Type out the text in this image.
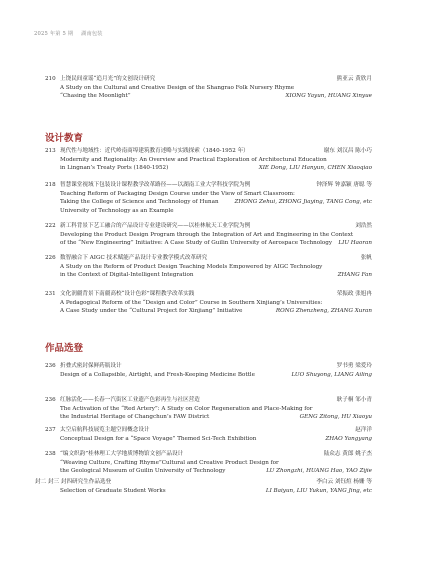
2025 年第 5 期 湖南包装
210 上饶民间童谣“追月光”的文创设计研究	熊亚云 黄欣月
A Study on the Cultural and Creative Design of the Shangrao Folk Nursery Rhyme
“Chasing the Moonlight”	XIONG Yayun, HUANG Xinyue
设计教育
213 现代性与地域性：近代岭南商埠建筑教育述略与实践探索（1840-1952 年）	谢东 刘汉昌 陈小巧
Modernity and Regionality: An Overview and Practical Exploration of Architectural Education
in Lingnan’s Treaty Ports (1840-1952)	XIE Dong, LIU Hanyun, CHEN Xiaoqiao
218 智慧课堂视域下包装设计课程教学改革路径——以湖南工业大学科技学院为例	钟泽辉 钟嘉颖 唐聪 等
Teaching Reform of Packaging Design Course under the View of Smart Classroom:
Taking the College of Science and Technology of Hunan University of Technology as an Example
ZHONG Zehui, ZHONG Jiaying, TANG Cong, etc
222 新工科背景下艺工融合的产品设计专业建设研究——以桂林航天工业学院为例	刘浩然
Developing the Product Design Program through the Integration of Art and Engineering in the Context
of the “New Engineering” Initiative: A Case Study of Guilin University of Aerospace Technology LIU Haoran
226 数智融合下 AIGC 技术赋能产品设计专业教学模式改革研究	张帆
A Study on the Reform of Product Design Teaching Models Empowered by AIGC Technology
in the Context of Digital-Intelligent Integration	ZHANG Fan
231 文化润疆背景下南疆高校“设计色彩”课程教学改革实践	荣振政 张旭冉
A Pedagogical Reform of the “Design and Color” Course in Southern Xinjiang’s Universities:
A Case Study under the “Cultural Project for Xinjiang” Initiative	RONG Zhenzheng, ZHANG Xuran
作品选登
236 折叠式密封保鲜药瓶设计	罗书勇 梁爱玲
Design of a Collapsible, Airtight, and Fresh-Keeping Medicine Bottle	LUO Shuyong, LIANG Ailing
236 红脉活化——长春一汽街区工业遗产色彩再生与社区营造	耿子桐 邹小青
The Activation of the “Red Artery”: A Study on Color Regeneration and Place-Making for
the Industrial Heritage of Changchun’s FAW District	GENG Zitong, HU Xiaoyu
237 太空启航科技展览主题空间概念设计	赵洋洋
Conceptual Design for a “Space Voyage” Themed Sci-Tech Exhibition	ZHAO Yangyang
238 “编文织韵”桂林理工大学地质博物馆文创产品设计	陆众志 黄郎 姚子杰
“Weaving Culture, Crafting Rhyme”Cultural and Creative Product Design for
the Geological Museum of Guilin University of Technology	LU Zhongzhi, HUANG Hao, YAO Zijie
封二 封三 封四 研究生作品选登	李白云 刘钰煊 杨姗 等
Selection of Graduate Student Works	LI Baiyun, LIU Yukun, YANG Jing, etc
